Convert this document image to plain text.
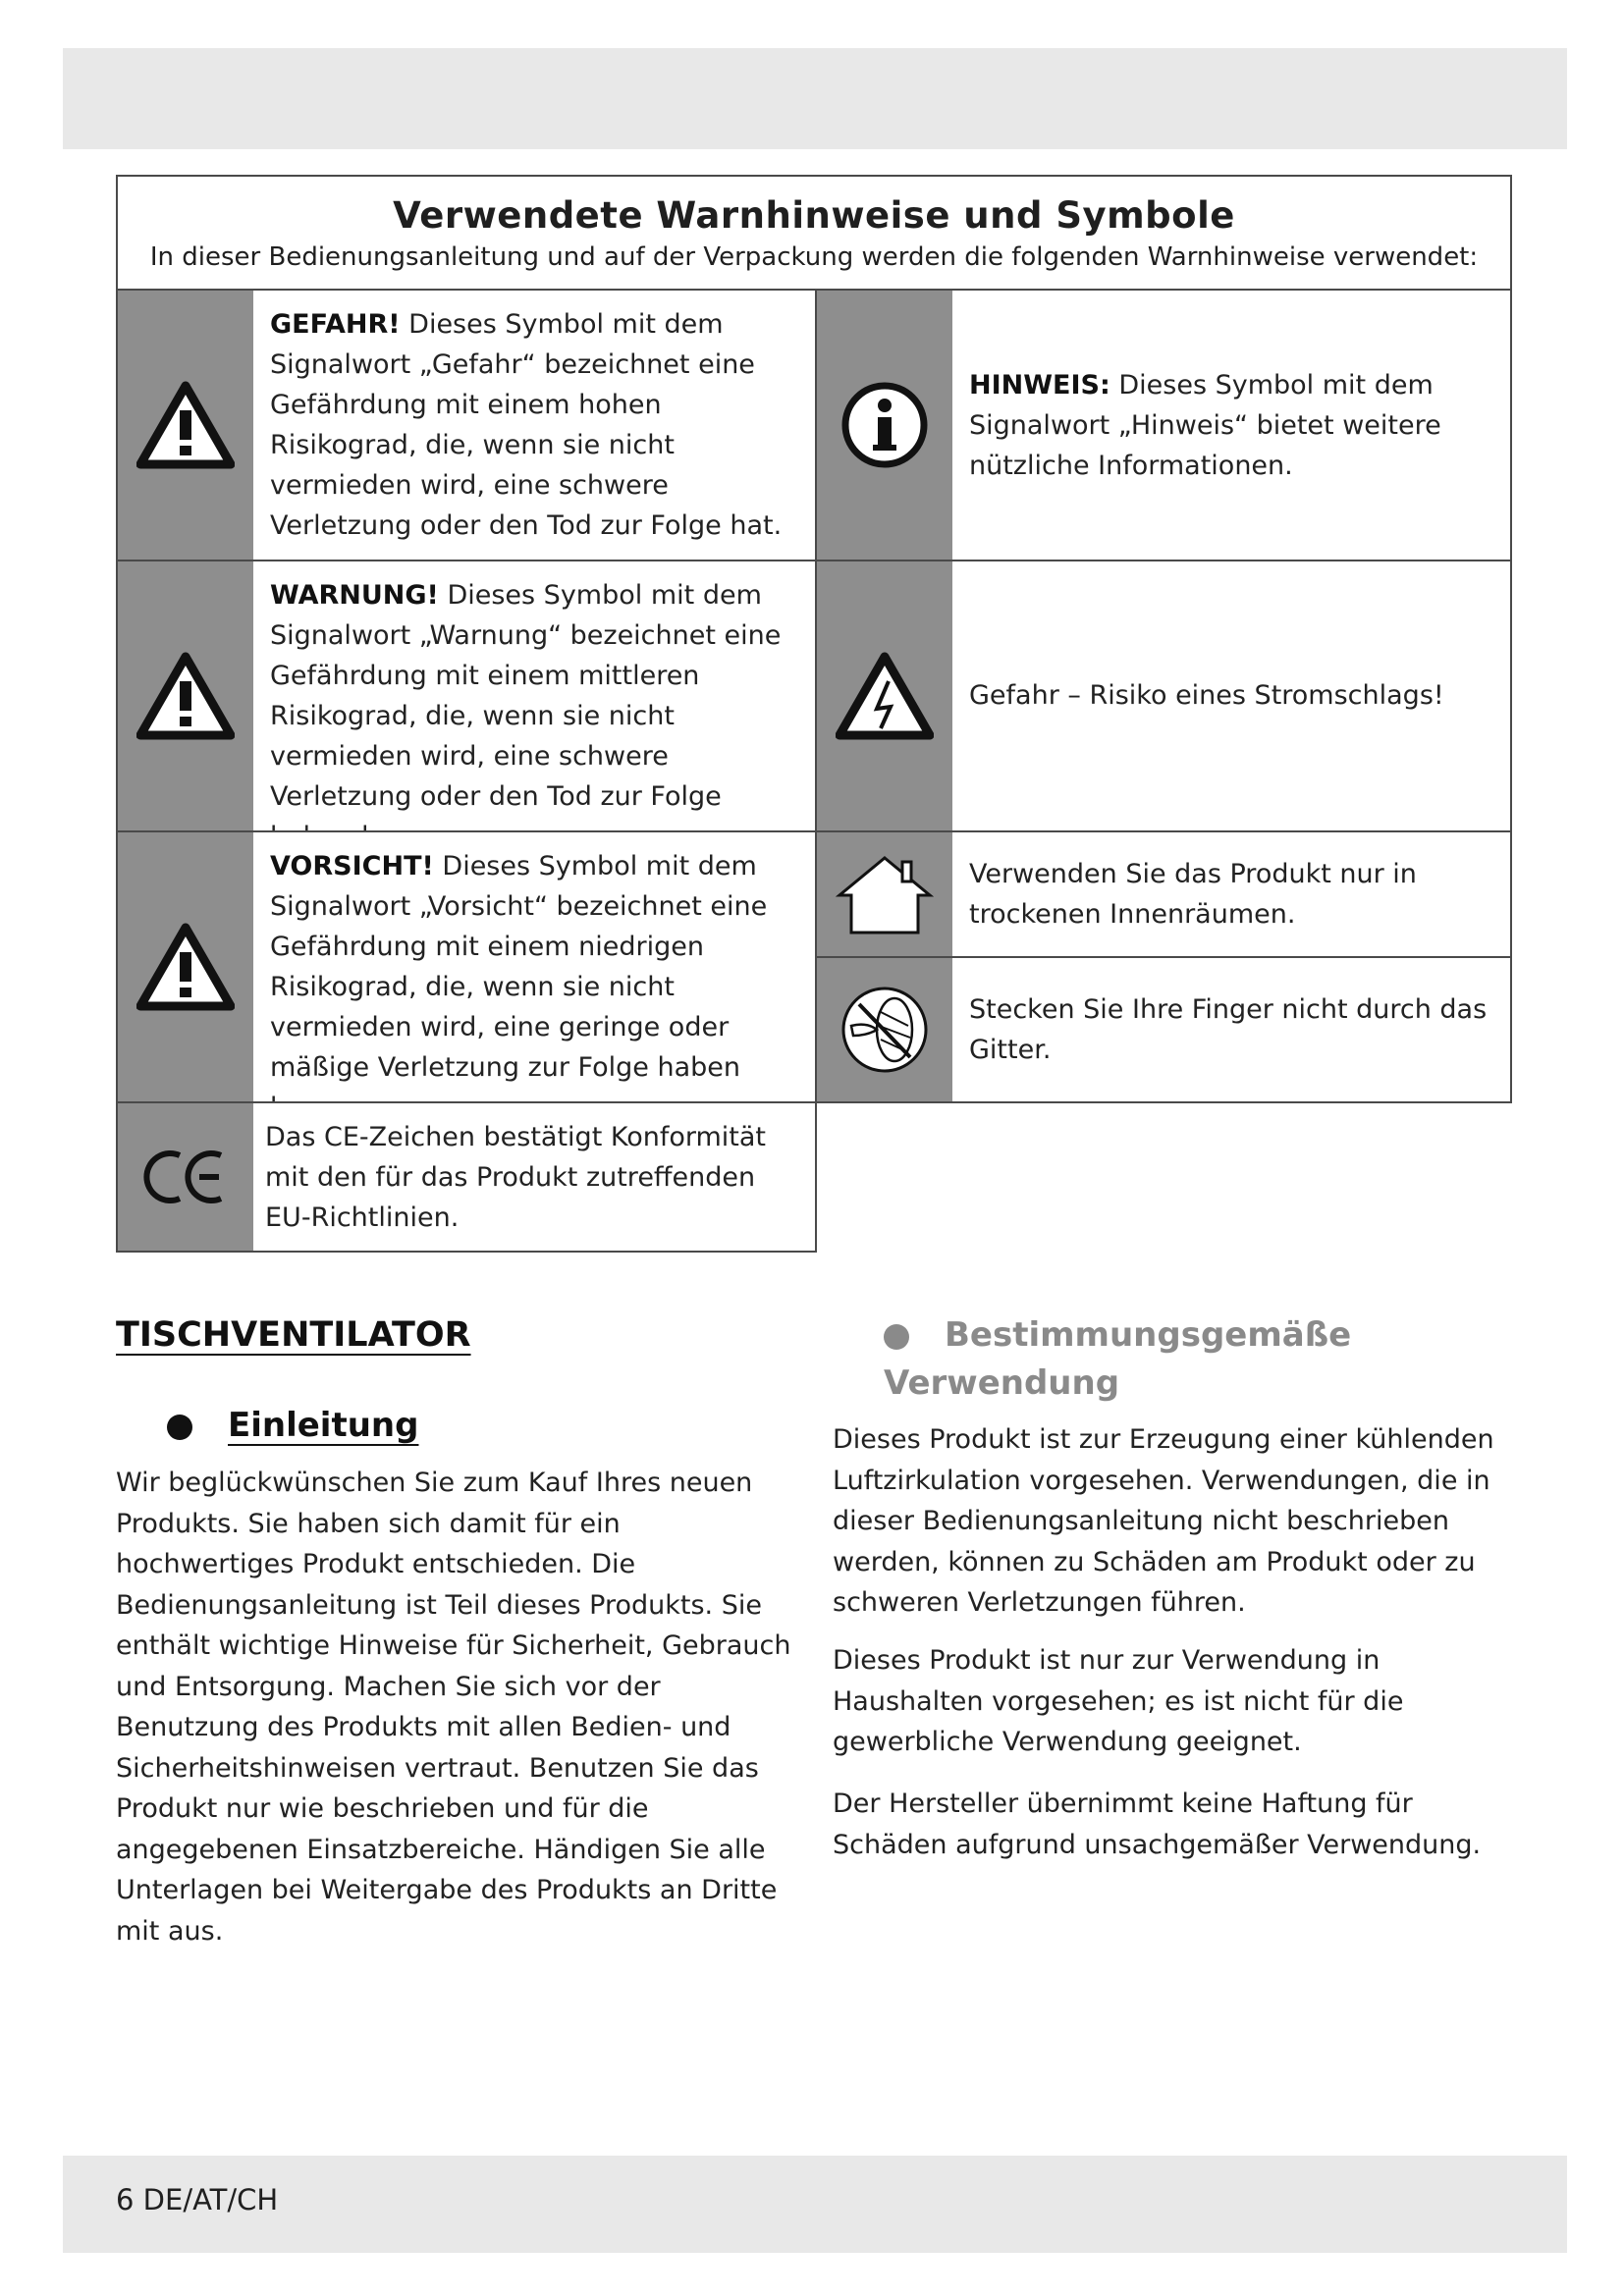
Verwendete Warnhinweise und Symbole
In dieser Bedienungsanleitung und auf der Verpackung werden die folgenden Warnhinweise verwendet:
GEFAHR! Dieses Symbol mit dem Signalwort „Gefahr“ bezeichnet eine Gefährdung mit einem hohen Risikograd, die, wenn sie nicht vermieden wird, eine schwere Verletzung oder den Tod zur Folge hat.
HINWEIS: Dieses Symbol mit dem Signalwort „Hinweis“ bietet weitere nützliche Informationen.
WARNUNG! Dieses Symbol mit dem Signalwort „Warnung“ bezeichnet eine Gefährdung mit einem mittleren Risikograd, die, wenn sie nicht vermieden wird, eine schwere Verletzung oder den Tod zur Folge
Gefahr – Risiko eines Stromschlags!
VORSICHT! Dieses Symbol mit dem Signalwort „Vorsicht“ bezeichnet eine Gefährdung mit einem niedrigen Risikograd, die, wenn sie nicht vermieden wird, eine geringe oder mäßige Verletzung zur Folge haben
Verwenden Sie das Produkt nur in trockenen Innenräumen.
Stecken Sie Ihre Finger nicht durch das Gitter.
Das CE-Zeichen bestätigt Konformität mit den für das Produkt zutreffenden EU-Richtlinien.
TISCHVENTILATOR
Einleitung

Wir beglückwünschen Sie zum Kauf Ihres neuen Produkts. Sie haben sich damit für ein hochwertiges Produkt entschieden. Die Bedienungsanleitung ist Teil dieses Produkts. Sie enthält wichtige Hinweise für Sicherheit, Gebrauch und Entsorgung. Machen Sie sich vor der Benutzung des Produkts mit allen Bedien- und Sicherheitshinweisen vertraut. Benutzen Sie das Produkt nur wie beschrieben und für die angegebenen Einsatzbereiche. Händigen Sie alle Unterlagen bei Weitergabe des Produkts an Dritte mit aus.

Bestimmungsgemäße
Verwendung

Dieses Produkt ist zur Erzeugung einer kühlenden Luftzirkulation vorgesehen. Verwendungen, die in dieser Bedienungsanleitung nicht beschrieben werden, können zu Schäden am Produkt oder zu schweren Verletzungen führen.

Dieses Produkt ist nur zur Verwendung in Haushalten vorgesehen; es ist nicht für die gewerbliche Verwendung geeignet.

Der Hersteller übernimmt keine Haftung für Schäden aufgrund unsachgemäßer Verwendung.

6 DE/AT/CH
